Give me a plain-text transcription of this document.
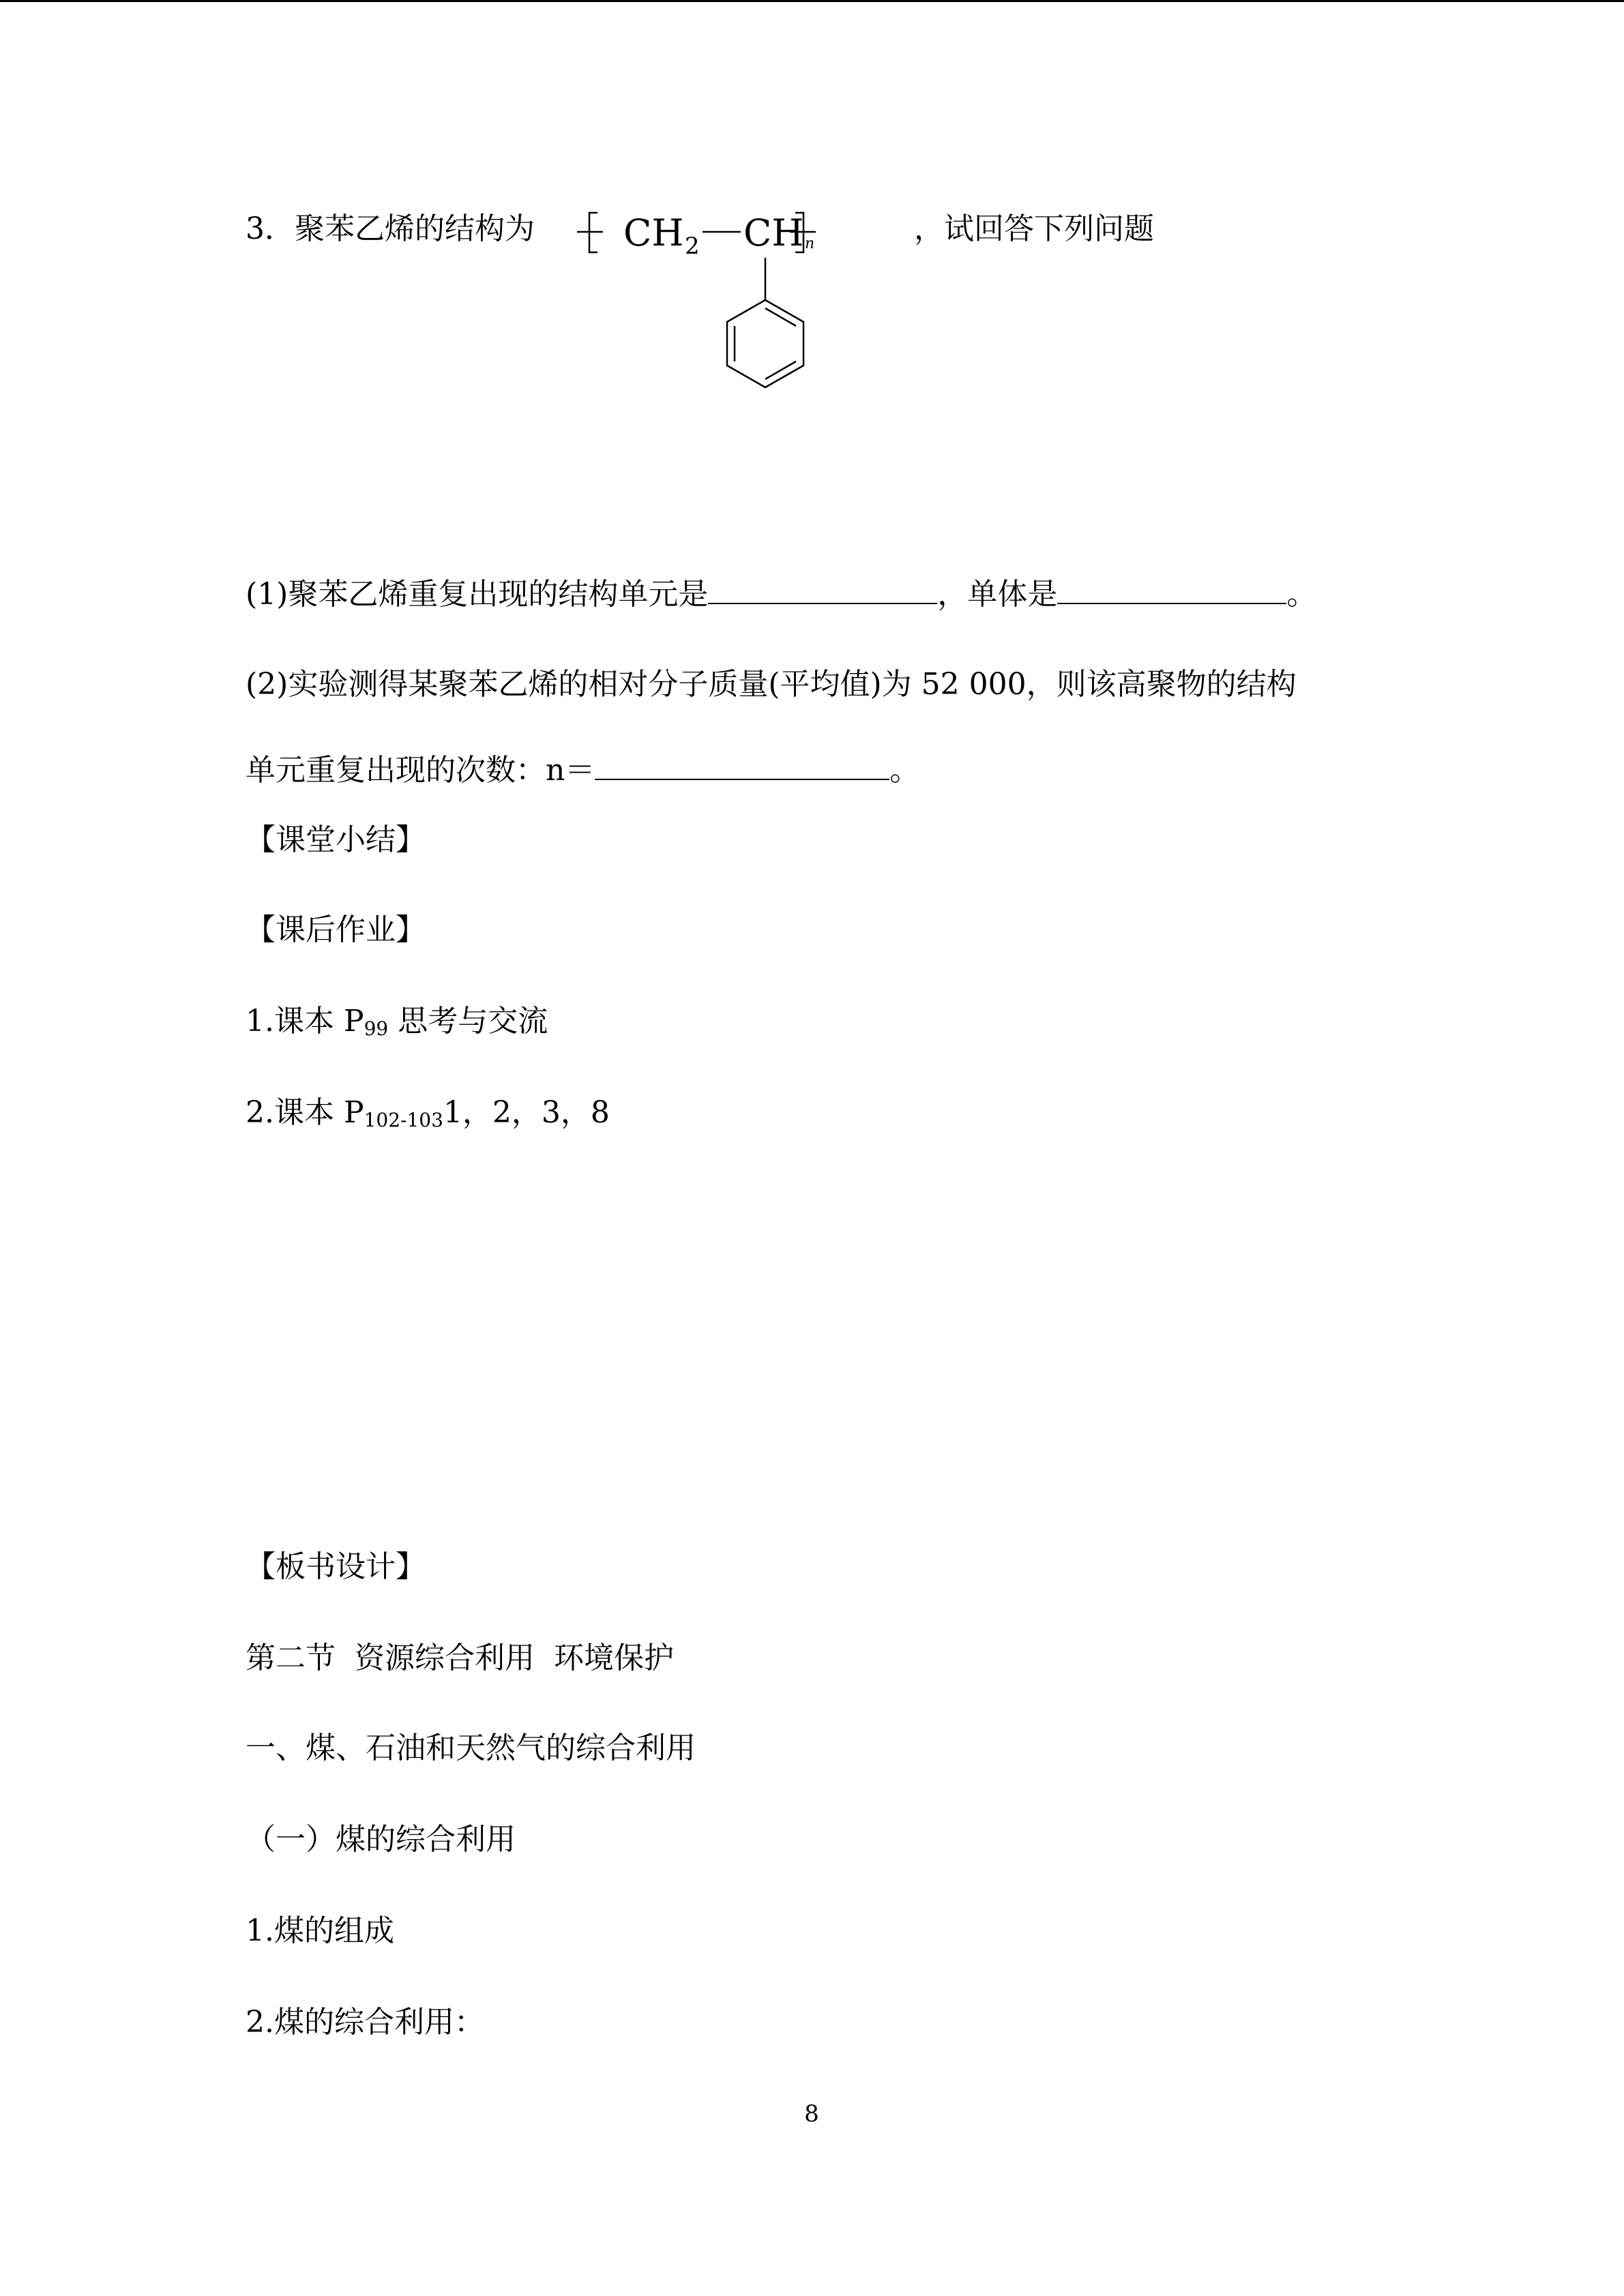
3．聚苯乙烯的结构为 CH 2 CH n	，试回答下列问题
(1)聚苯乙烯重复出现的结构单元是	，单体是	。
(2)实验测得某聚苯乙烯的相对分子质量(平均值)为 52 000，则该高聚物的结构
单元重复出现的次数：n＝	。
【课堂小结】
【课后作业】
1.课本 $P_{99}$ 思考与交流
2.课本 $P_{102-103}1$，2，3，8
【板书设计】
第二节  资源综合利用  环境保护
一、煤、石油和天然气的综合利用
（一）煤的综合利用
1.煤的组成
2.煤的综合利用：
8
